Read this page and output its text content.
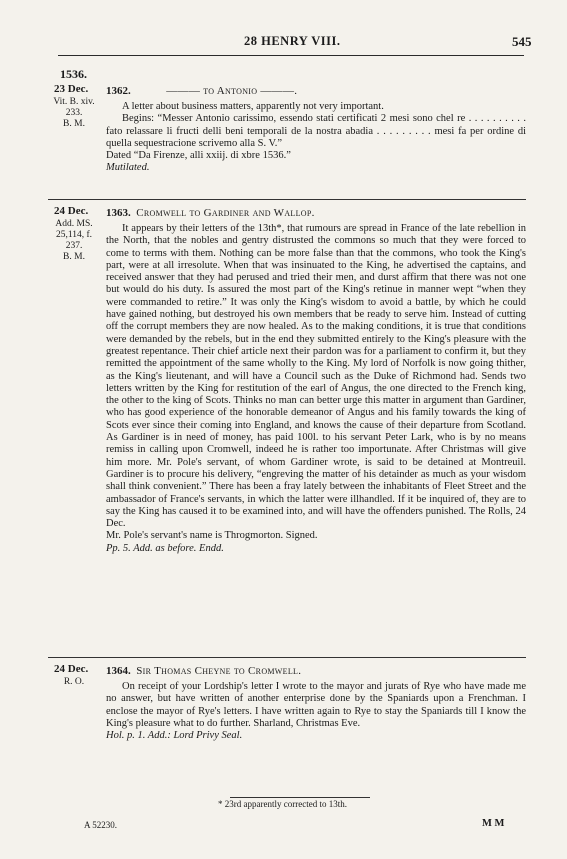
28 HENRY VIII.	545
1536.
23 Dec.
Vit. B. xiv.
233.
B. M.
1362.	——— to Antonio ———.

A letter about business matters, apparently not very important.

Begins: “Messer Antonio carissimo, essendo stati certificati 2 mesi sono chel re . . . . . . . . . . fato relassare li fructi delli beni temporali de la nostra abadia . . . . . . . . . mesi fa per ordine di quella sequestracione scrivemo alla S. V.”

Dated “Da Firenze, alli xxiij. di xbre 1536.”

Mutilated.

24 Dec.
Add. MS.
25,114, f. 237.
B. M.
1363. Cromwell to Gardiner and Wallop.

It appears by their letters of the 13th*, that rumours are spread in France of the late rebellion in the North, that the nobles and gentry distrusted the commons so much that they were forced to come to terms with them. Nothing can be more false than that the commons, who took the King's part, were at all irresolute. When that was insinuated to the King, he advertised the captains, and received answer that they had perused and tried their men, and durst affirm that there was not one but would do his duty. Is assured the most part of the King's retinue in manner wept “when they were commanded to retire.” It was only the King's wisdom to avoid a battle, by which he could have gained nothing, but destroyed his own members that be ready to serve him. Instead of cutting off the corrupt members they are now healed. As to the making conditions, it is true that conditions were demanded by the rebels, but in the end they submitted entirely to the King's pleasure with the greatest repentance. Their chief article next their pardon was for a parliament to confirm it, but they remitted the appointment of the same wholly to the King. My lord of Norfolk is now going thither, as the King's lieutenant, and will have a Council such as the Duke of Richmond had. Sends two letters written by the King for restitution of the earl of Angus, the one directed to the French king, the other to the king of Scots. Thinks no man can better urge this matter in argument than Gardiner, who has good experience of the honorable demeanor of Angus and his family towards the king of Scots ever since their coming into England, and knows the cause of their departure from Scotland. As Gardiner is in need of money, has paid 100l. to his servant Peter Lark, who is by no means remiss in calling upon Cromwell, indeed he is rather too importunate. After Christmas will give him more. Mr. Pole's servant, of whom Gardiner wrote, is said to be detained at Montreuil. Gardiner is to procure his delivery, “engreving the matter of his detainder as much as your wisdom shall think convenient.” There has been a fray lately between the inhabitants of Fleet Street and the ambassador of France's servants, in which the latter were illhandled. If it be inquired of, they are to say the King has caused it to be examined into, and will have the offenders punished. The Rolls, 24 Dec.

Mr. Pole's servant's name is Throgmorton. Signed.

Pp. 5. Add. as before. Endd.

24 Dec.
R. O.
1364. Sir Thomas Cheyne to Cromwell.

On receipt of your Lordship's letter I wrote to the mayor and jurats of Rye who have made me no answer, but have written of another enterprise done by the Spaniards upon a Frenchman. I enclose the mayor of Rye's letters. I have written again to Rye to stay the Spaniards till I know the King's pleasure what to do further. Sharland, Christmas Eve.

Hol. p. 1. Add.: Lord Privy Seal.

* 23rd apparently corrected to 13th.
A 52230.	M M
